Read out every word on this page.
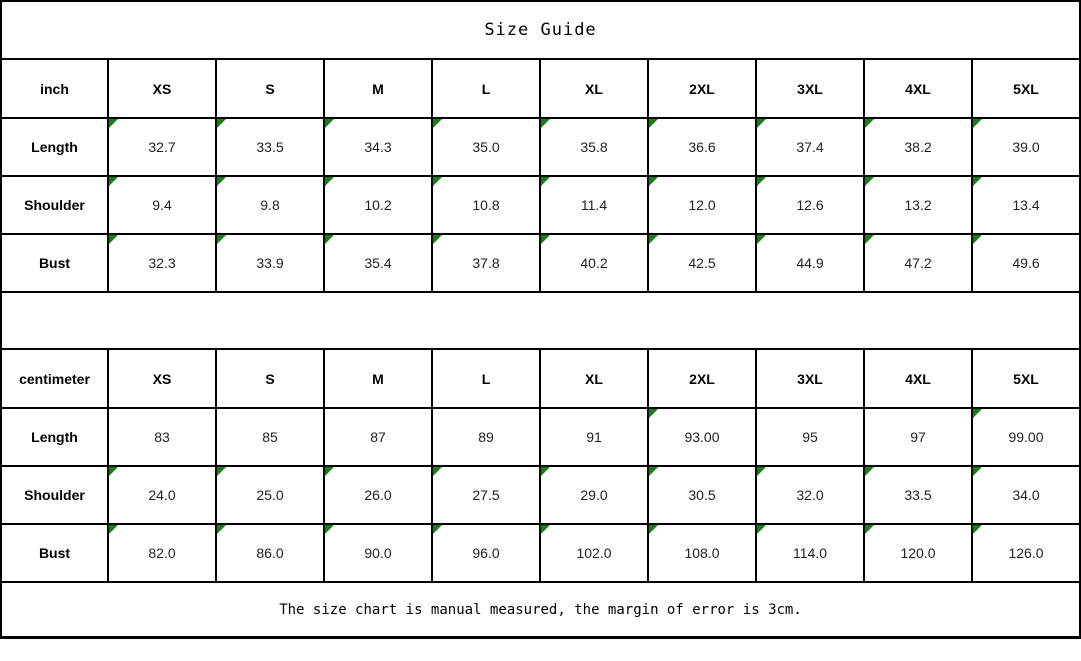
Size Guide									
inch	XS	S	M	L	XL	2XL	3XL	4XL	5XL
Length	32.7	33.5	34.3	35.0	35.8	36.6	37.4	38.2	39.0

Shoulder	9.4	9.8	10.2	10.8	11.4	12.0	12.6	13.2	13.4

Bust	32.3	33.9	35.4	37.8	40.2	42.5	44.9	47.2	49.6

centimeter	XS	S	M	L	XL	2XL	3XL	4XL	5XL
Length	83	85	87	89	91	93.00	95	97	99.00

Shoulder	24.0	25.0	26.0	27.5	29.0	30.5	32.0	33.5	34.0

Bust	82.0	86.0	90.0	96.0	102.0	108.0	114.0	120.0	126.0

The size chart is manual measured, the margin of error is 3cm.									
